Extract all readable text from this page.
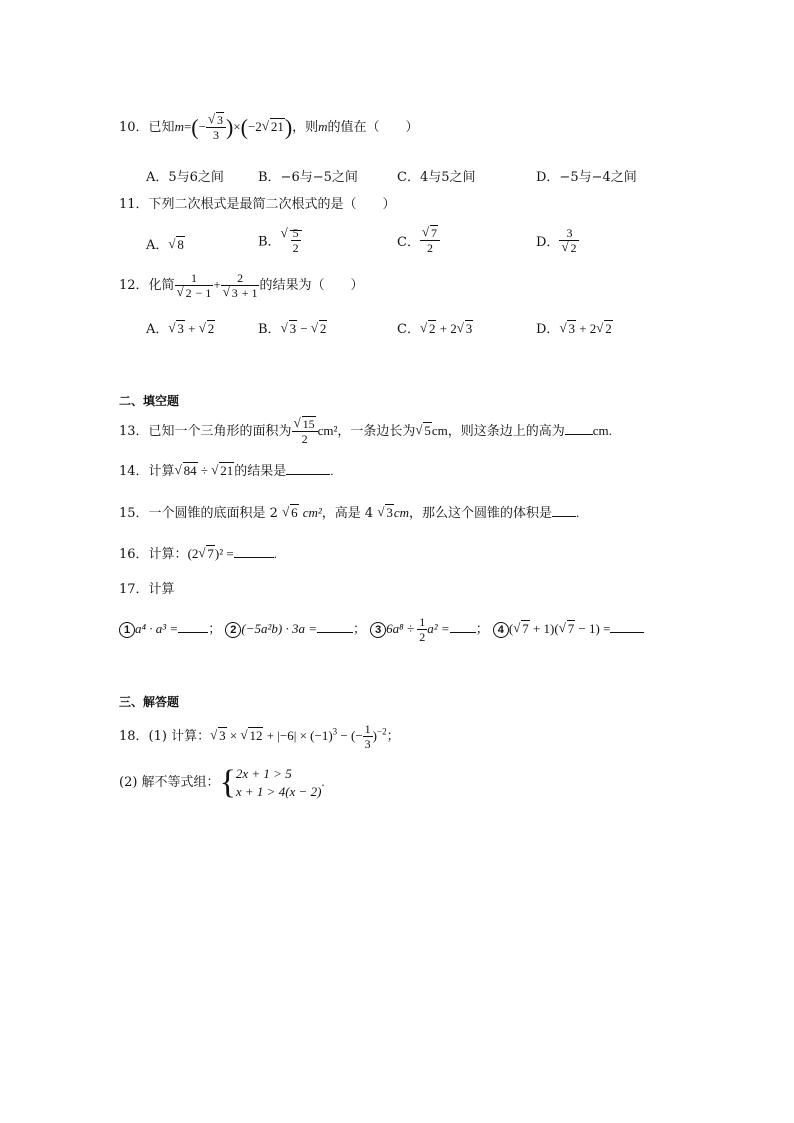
10．已知m=(−
√ $\frac{3}{3} )\times(-2√$ 21)，则m的值在（　　）
A．5与6之间	B．−6与−5之间	C．4与5之间	D．−5与−4之间
11．下列二次根式是最简二次根式的是（　　）
A．√ 8	B．
√ $\frac{5}{2}$	C．
√ $\frac{7}{2}$	D． 3
√ 2
12．化简 1
√ 2 − 1 + 2
√ 3 + 1 的结果为（　　）
A．√ 3 + √ 2	B．√ 3 − √ 2	C．√ 2 + 2√ 3	D．√ 3 + 2√ 2
二、填空题
13．已知一个三角形的面积为
√ $\frac{15}{2} cm^2$，一条边长为√ 5cm，则这条边上的高为 cm.
14．计算√ 84 ÷ √ 21的结果是	.
15．一个圆锥的底面积是 2 √ 6 cm²，高是 4 √ 3cm，那么这个圆锥的体积是 .
16．计算：(2√ 7)² =	.
17．计算
1 a⁴ · a³ = ； 2 (−5a²b) · 3a =	； 3 $6a^8 \div \frac{1}{2} a^2$ = ； 4 (√ 7 + 1)(√ 7 − 1) =
三、解答题
18．(1) 计算：√ 3 × √ $12 + |-6| \times (-1)^3$ − (− $\frac{1}{3} )^{-2}$；
(2) 解不等式组：{ 2x + 1 > 5
x + 1 > 4(x − 2)
.
